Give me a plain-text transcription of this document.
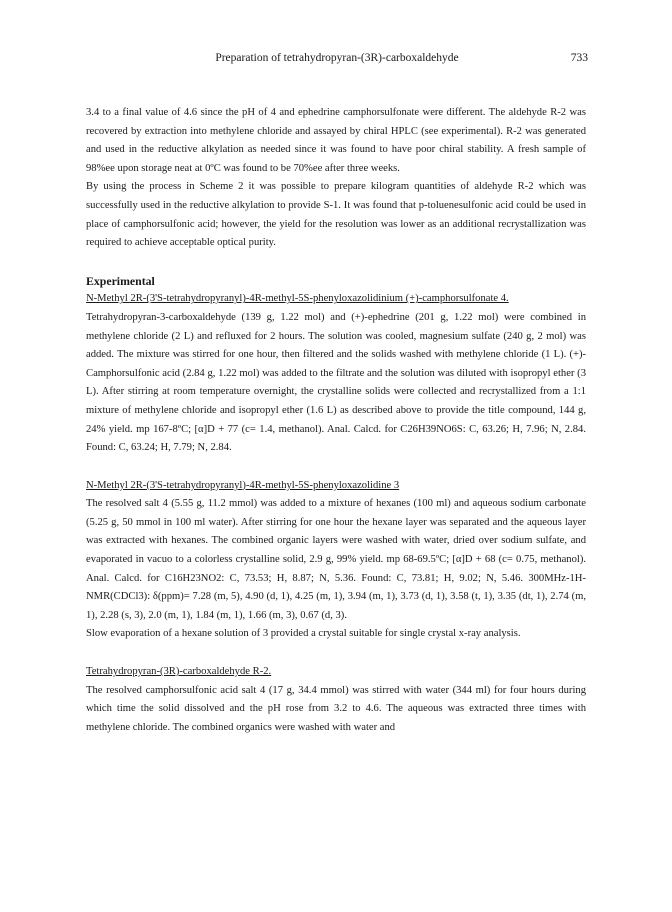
Preparation of tetrahydropyran-(3R)-carboxaldehyde	733

3.4 to a final value of 4.6 since the pH of 4 and ephedrine camphorsulfonate were different. The aldehyde R-2 was recovered by extraction into methylene chloride and assayed by chiral HPLC (see experimental). R-2 was generated and used in the reductive alkylation as needed since it was found to have poor chiral stability. A fresh sample of 98%ee upon storage neat at 0ºC was found to be 70%ee after three weeks.

By using the process in Scheme 2 it was possible to prepare kilogram quantities of aldehyde R-2 which was successfully used in the reductive alkylation to provide S-1. It was found that p-toluenesulfonic acid could be used in place of camphorsulfonic acid; however, the yield for the resolution was lower as an additional recrystallization was required to achieve acceptable optical purity.

Experimental

N-Methyl 2R-(3'S-tetrahydropyranyl)-4R-methyl-5S-phenyloxazolidinium (+)-camphorsulfonate 4.

Tetrahydropyran-3-carboxaldehyde (139 g, 1.22 mol) and (+)-ephedrine (201 g, 1.22 mol) were combined in methylene chloride (2 L) and refluxed for 2 hours. The solution was cooled, magnesium sulfate (240 g, 2 mol) was added. The mixture was stirred for one hour, then filtered and the solids washed with methylene chloride (1 L). (+)-Camphorsulfonic acid (2.84 g, 1.22 mol) was added to the filtrate and the solution was diluted with isopropyl ether (3 L). After stirring at room temperature overnight, the crystalline solids were collected and recrystallized from a 1:1 mixture of methylene chloride and isopropyl ether (1.6 L) as described above to provide the title compound, 144 g, 24% yield. mp 167-8ºC; [α]D + 77 (c= 1.4, methanol). Anal. Calcd. for C26H39NO6S: C, 63.26; H, 7.96; N, 2.84. Found: C, 63.24; H, 7.79; N, 2.84.

N-Methyl 2R-(3'S-tetrahydropyranyl)-4R-methyl-5S-phenyloxazolidine 3

The resolved salt 4 (5.55 g, 11.2 mmol) was added to a mixture of hexanes (100 ml) and aqueous sodium carbonate (5.25 g, 50 mmol in 100 ml water). After stirring for one hour the hexane layer was separated and the aqueous layer was extracted with hexanes. The combined organic layers were washed with water, dried over sodium sulfate, and evaporated in vacuo to a colorless crystalline solid, 2.9 g, 99% yield. mp 68-69.5ºC; [α]D + 68 (c= 0.75, methanol). Anal. Calcd. for C16H23NO2: C, 73.53; H, 8.87; N, 5.36. Found: C, 73.81; H, 9.02; N, 5.46. 300MHz-1H-NMR(CDCl3): δ(ppm)= 7.28 (m, 5), 4.90 (d, 1), 4.25 (m, 1), 3.94 (m, 1), 3.73 (d, 1), 3.58 (t, 1), 3.35 (dt, 1), 2.74 (m, 1), 2.28 (s, 3), 2.0 (m, 1), 1.84 (m, 1), 1.66 (m, 3), 0.67 (d, 3).

Slow evaporation of a hexane solution of 3 provided a crystal suitable for single crystal x-ray analysis.

Tetrahydropyran-(3R)-carboxaldehyde R-2.

The resolved camphorsulfonic acid salt 4 (17 g, 34.4 mmol) was stirred with water (344 ml) for four hours during which time the solid dissolved and the pH rose from 3.2 to 4.6. The aqueous was extracted three times with methylene chloride. The combined organics were washed with water and
